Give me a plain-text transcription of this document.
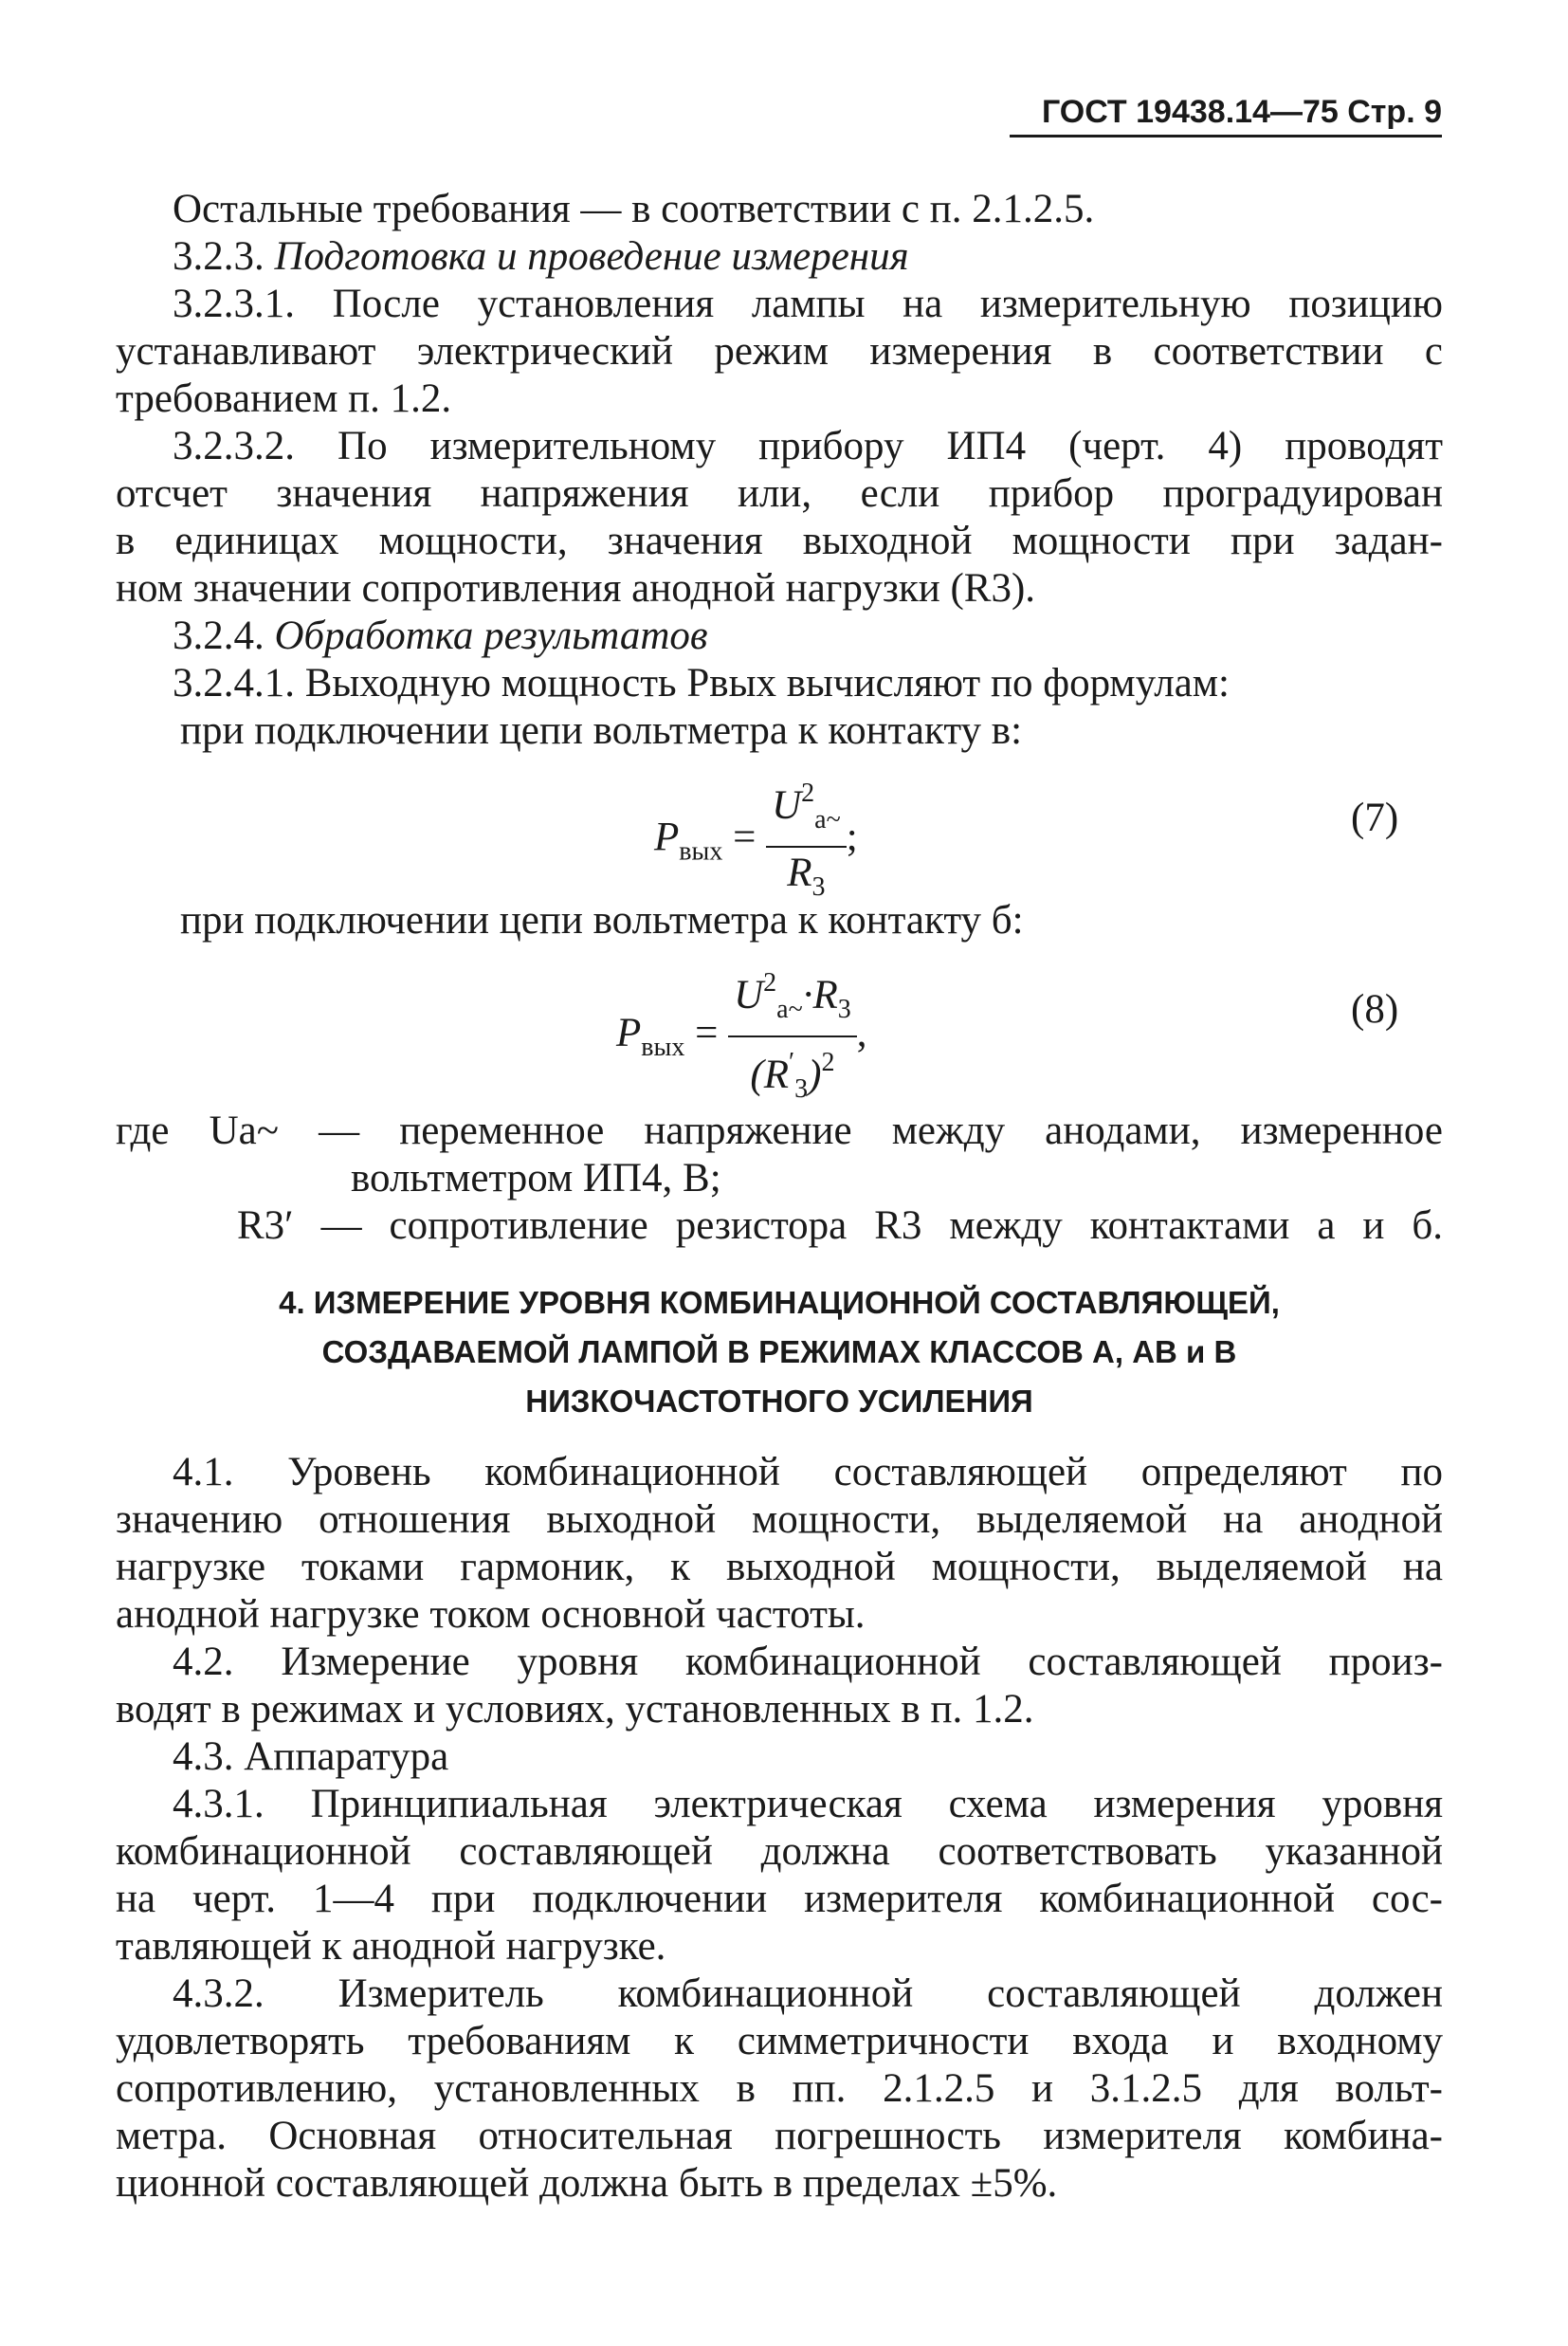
ГОСТ 19438.14—75 Стр. 9
Остальные требования — в соответствии с п. 2.1.2.5.
3.2.3. Подготовка и проведение измерения
3.2.3.1. После установления лампы на измерительную позицию
устанавливают электрический режим измерения в соответствии с
требованием п. 1.2.
3.2.3.2. По измерительному прибору ИП4 (черт. 4) проводят
отсчет значения напряжения или, если прибор проградуирован
в единицах мощности, значения выходной мощности при задан-
ном значении сопротивления анодной нагрузки (R3).
3.2.4. Обработка результатов
3.2.4.1. Выходную мощность Pвых вычисляют по формулам:
при подключении цепи вольтметра к контакту в:
$P_{вых} = \frac{U^2_{a\sim}}{R_3}$ ;	(7)
при подключении цепи вольтметра к контакту б:
$P_{вых} = \frac{U^2_{a\sim}\cdot R_3}{(R'_3)^2}$ ,
(8)
где Ua~ — переменное напряжение между анодами, измеренное
вольтметром ИП4, В;
R3′ — сопротивление резистора R3 между контактами а и б.
4. ИЗМЕРЕНИЕ УРОВНЯ КОМБИНАЦИОННОЙ СОСТАВЛЯЮЩЕЙ,
СОЗДАВАЕМОЙ ЛАМПОЙ В РЕЖИМАХ КЛАССОВ А, АВ и В
НИЗКОЧАСТОТНОГО УСИЛЕНИЯ
4.1. Уровень комбинационной составляющей определяют по
значению отношения выходной мощности, выделяемой на анодной
нагрузке токами гармоник, к выходной мощности, выделяемой на
анодной нагрузке током основной частоты.
4.2. Измерение уровня комбинационной составляющей произ-
водят в режимах и условиях, установленных в п. 1.2.
4.3. Аппаратура
4.3.1. Принципиальная электрическая схема измерения уровня
комбинационной составляющей должна соответствовать указанной
на черт. 1—4 при подключении измерителя комбинационной сос-
тавляющей к анодной нагрузке.
4.3.2. Измеритель комбинационной составляющей должен
удовлетворять требованиям к симметричности входа и входному
сопротивлению, установленных в пп. 2.1.2.5 и 3.1.2.5 для вольт-
метра. Основная относительная погрешность измерителя комбина-
ционной составляющей должна быть в пределах ±5%.
